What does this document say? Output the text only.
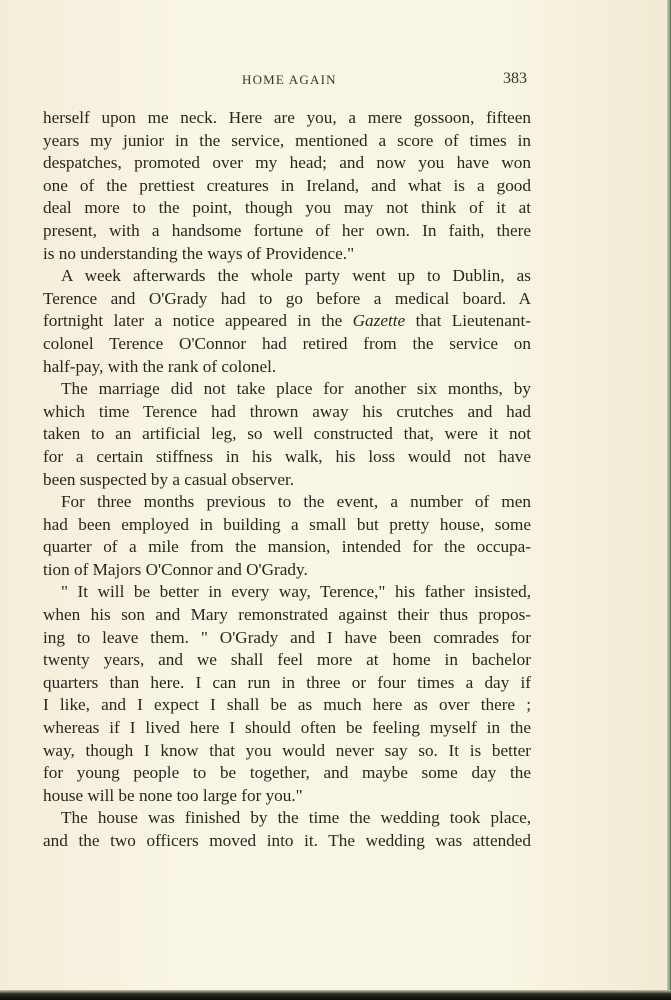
HOME AGAIN	383
herself upon me neck. Here are you, a mere gossoon, fifteen
years my junior in the service, mentioned a score of times in
despatches, promoted over my head; and now you have won
one of the prettiest creatures in Ireland, and what is a good
deal more to the point, though you may not think of it at
present, with a handsome fortune of her own. In faith, there
is no understanding the ways of Providence."
A week afterwards the whole party went up to Dublin, as
Terence and O'Grady had to go before a medical board. A
fortnight later a notice appeared in the Gazette that Lieutenant-
colonel Terence O'Connor had retired from the service on
half-pay, with the rank of colonel.
The marriage did not take place for another six months, by
which time Terence had thrown away his crutches and had
taken to an artificial leg, so well constructed that, were it not
for a certain stiffness in his walk, his loss would not have
been suspected by a casual observer.
For three months previous to the event, a number of men
had been employed in building a small but pretty house, some
quarter of a mile from the mansion, intended for the occupa-
tion of Majors O'Connor and O'Grady.
" It will be better in every way, Terence," his father insisted,
when his son and Mary remonstrated against their thus propos-
ing to leave them. " O'Grady and I have been comrades for
twenty years, and we shall feel more at home in bachelor
quarters than here. I can run in three or four times a day if
I like, and I expect I shall be as much here as over there ;
whereas if I lived here I should often be feeling myself in the
way, though I know that you would never say so. It is better
for young people to be together, and maybe some day the
house will be none too large for you."
The house was finished by the time the wedding took place,
and the two officers moved into it. The wedding was attended
